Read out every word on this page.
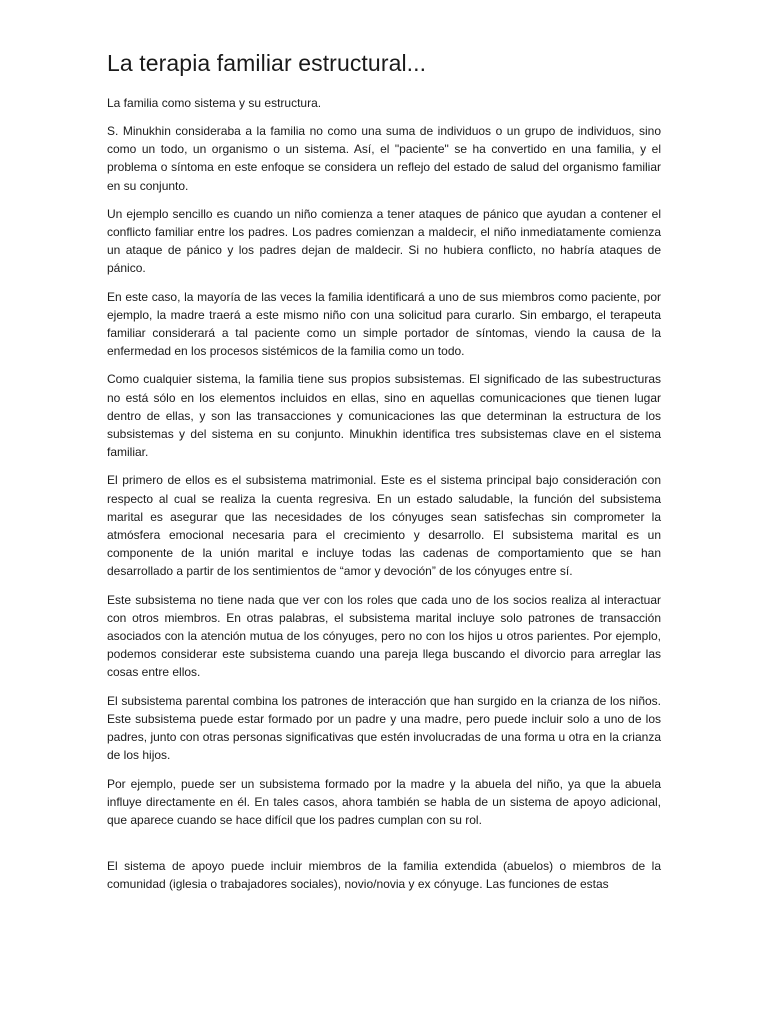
La terapia familiar estructural...

La familia como sistema y su estructura.

S. Minukhin consideraba a la familia no como una suma de individuos o un grupo de individuos, sino como un todo, un organismo o un sistema. Así, el "paciente" se ha convertido en una familia, y el problema o síntoma en este enfoque se considera un reflejo del estado de salud del organismo familiar en su conjunto.

Un ejemplo sencillo es cuando un niño comienza a tener ataques de pánico que ayudan a contener el conflicto familiar entre los padres. Los padres comienzan a maldecir, el niño inmediatamente comienza un ataque de pánico y los padres dejan de maldecir. Si no hubiera conflicto, no habría ataques de pánico.

En este caso, la mayoría de las veces la familia identificará a uno de sus miembros como paciente, por ejemplo, la madre traerá a este mismo niño con una solicitud para curarlo. Sin embargo, el terapeuta familiar considerará a tal paciente como un simple portador de síntomas, viendo la causa de la enfermedad en los procesos sistémicos de la familia como un todo.

Como cualquier sistema, la familia tiene sus propios subsistemas. El significado de las subestructuras no está sólo en los elementos incluidos en ellas, sino en aquellas comunicaciones que tienen lugar dentro de ellas, y son las transacciones y comunicaciones las que determinan la estructura de los subsistemas y del sistema en su conjunto. Minukhin identifica tres subsistemas clave en el sistema familiar.

El primero de ellos es el subsistema matrimonial. Este es el sistema principal bajo consideración con respecto al cual se realiza la cuenta regresiva. En un estado saludable, la función del subsistema marital es asegurar que las necesidades de los cónyuges sean satisfechas sin comprometer la atmósfera emocional necesaria para el crecimiento y desarrollo. El subsistema marital es un componente de la unión marital e incluye todas las cadenas de comportamiento que se han desarrollado a partir de los sentimientos de “amor y devoción” de los cónyuges entre sí.

Este subsistema no tiene nada que ver con los roles que cada uno de los socios realiza al interactuar con otros miembros. En otras palabras, el subsistema marital incluye solo patrones de transacción asociados con la atención mutua de los cónyuges, pero no con los hijos u otros parientes. Por ejemplo, podemos considerar este subsistema cuando una pareja llega buscando el divorcio para arreglar las cosas entre ellos.

El subsistema parental combina los patrones de interacción que han surgido en la crianza de los niños. Este subsistema puede estar formado por un padre y una madre, pero puede incluir solo a uno de los padres, junto con otras personas significativas que estén involucradas de una forma u otra en la crianza de los hijos.

Por ejemplo, puede ser un subsistema formado por la madre y la abuela del niño, ya que la abuela influye directamente en él. En tales casos, ahora también se habla de un sistema de apoyo adicional, que aparece cuando se hace difícil que los padres cumplan con su rol.

El sistema de apoyo puede incluir miembros de la familia extendida (abuelos) o miembros de la comunidad (iglesia o trabajadores sociales), novio/novia y ex cónyuge. Las funciones de estas
